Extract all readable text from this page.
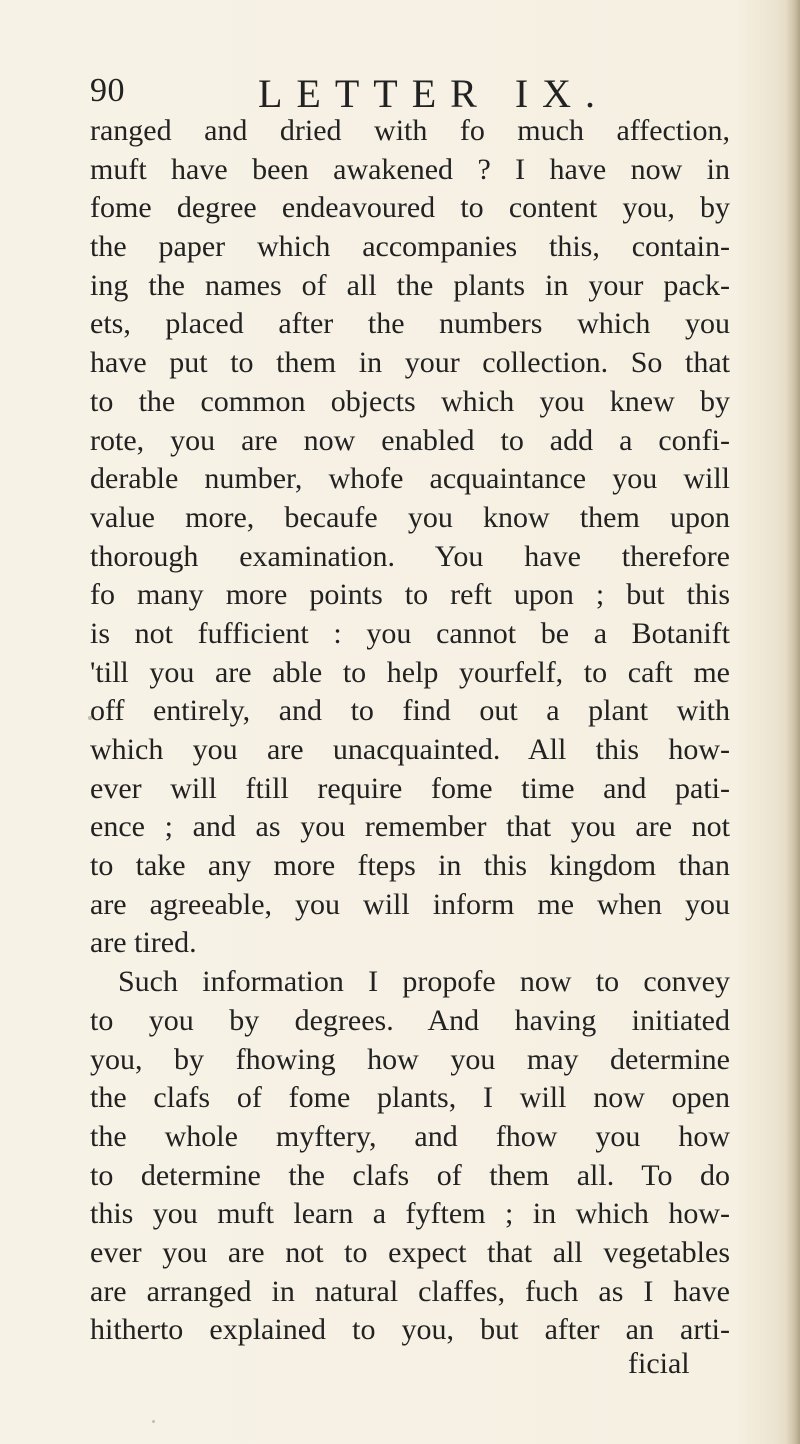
90	LETTER IX.
ranged and dried with fo much affection,
muft have been awakened ? I have now in
fome degree endeavoured to content you, by
the paper which accompanies this, contain-
ing the names of all the plants in your pack-
ets, placed after the numbers which you
have put to them in your collection. So that
to the common objects which you knew by
rote, you are now enabled to add a confi-
derable number, whofe acquaintance you will
value more, becaufe you know them upon
thorough examination. You have therefore
fo many more points to reft upon ; but this
is not fufficient : you cannot be a Botanift
'till you are able to help yourfelf, to caft me
off entirely, and to find out a plant with
which you are unacquainted. All this how-
ever will ftill require fome time and pati-
ence ; and as you remember that you are not
to take any more fteps in this kingdom than
are agreeable, you will inform me when you
are tired.
Such information I propofe now to convey
to you by degrees. And having initiated
you, by fhowing how you may determine
the clafs of fome plants, I will now open
the whole myftery, and fhow you how
to determine the clafs of them all. To do
this you muft learn a fyftem ; in which how-
ever you are not to expect that all vegetables
are arranged in natural claffes, fuch as I have
hitherto explained to you, but after an arti-
ficial
